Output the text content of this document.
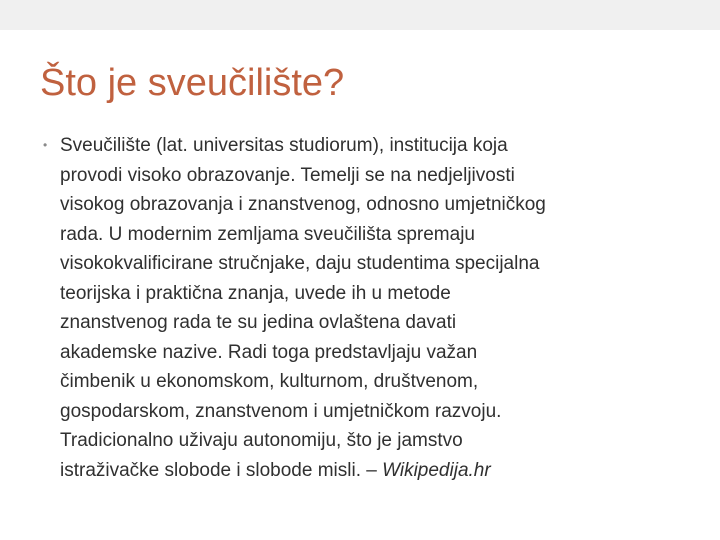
Što je sveučilište?
• Sveučilište (lat. universitas studiorum), institucija koja
provodi visoko obrazovanje. Temelji se na nedjeljivosti
visokog obrazovanja i znanstvenog, odnosno umjetničkog
rada. U modernim zemljama sveučilišta spremaju
visokokvalificirane stručnjake, daju studentima specijalna
teorijska i praktična znanja, uvede ih u metode
znanstvenog rada te su jedina ovlaštena davati
akademske nazive. Radi toga predstavljaju važan
čimbenik u ekonomskom, kulturnom, društvenom,
gospodarskom, znanstvenom i umjetničkom razvoju.
Tradicionalno uživaju autonomiju, što je jamstvo
istraživačke slobode i slobode misli. – Wikipedija.hr
